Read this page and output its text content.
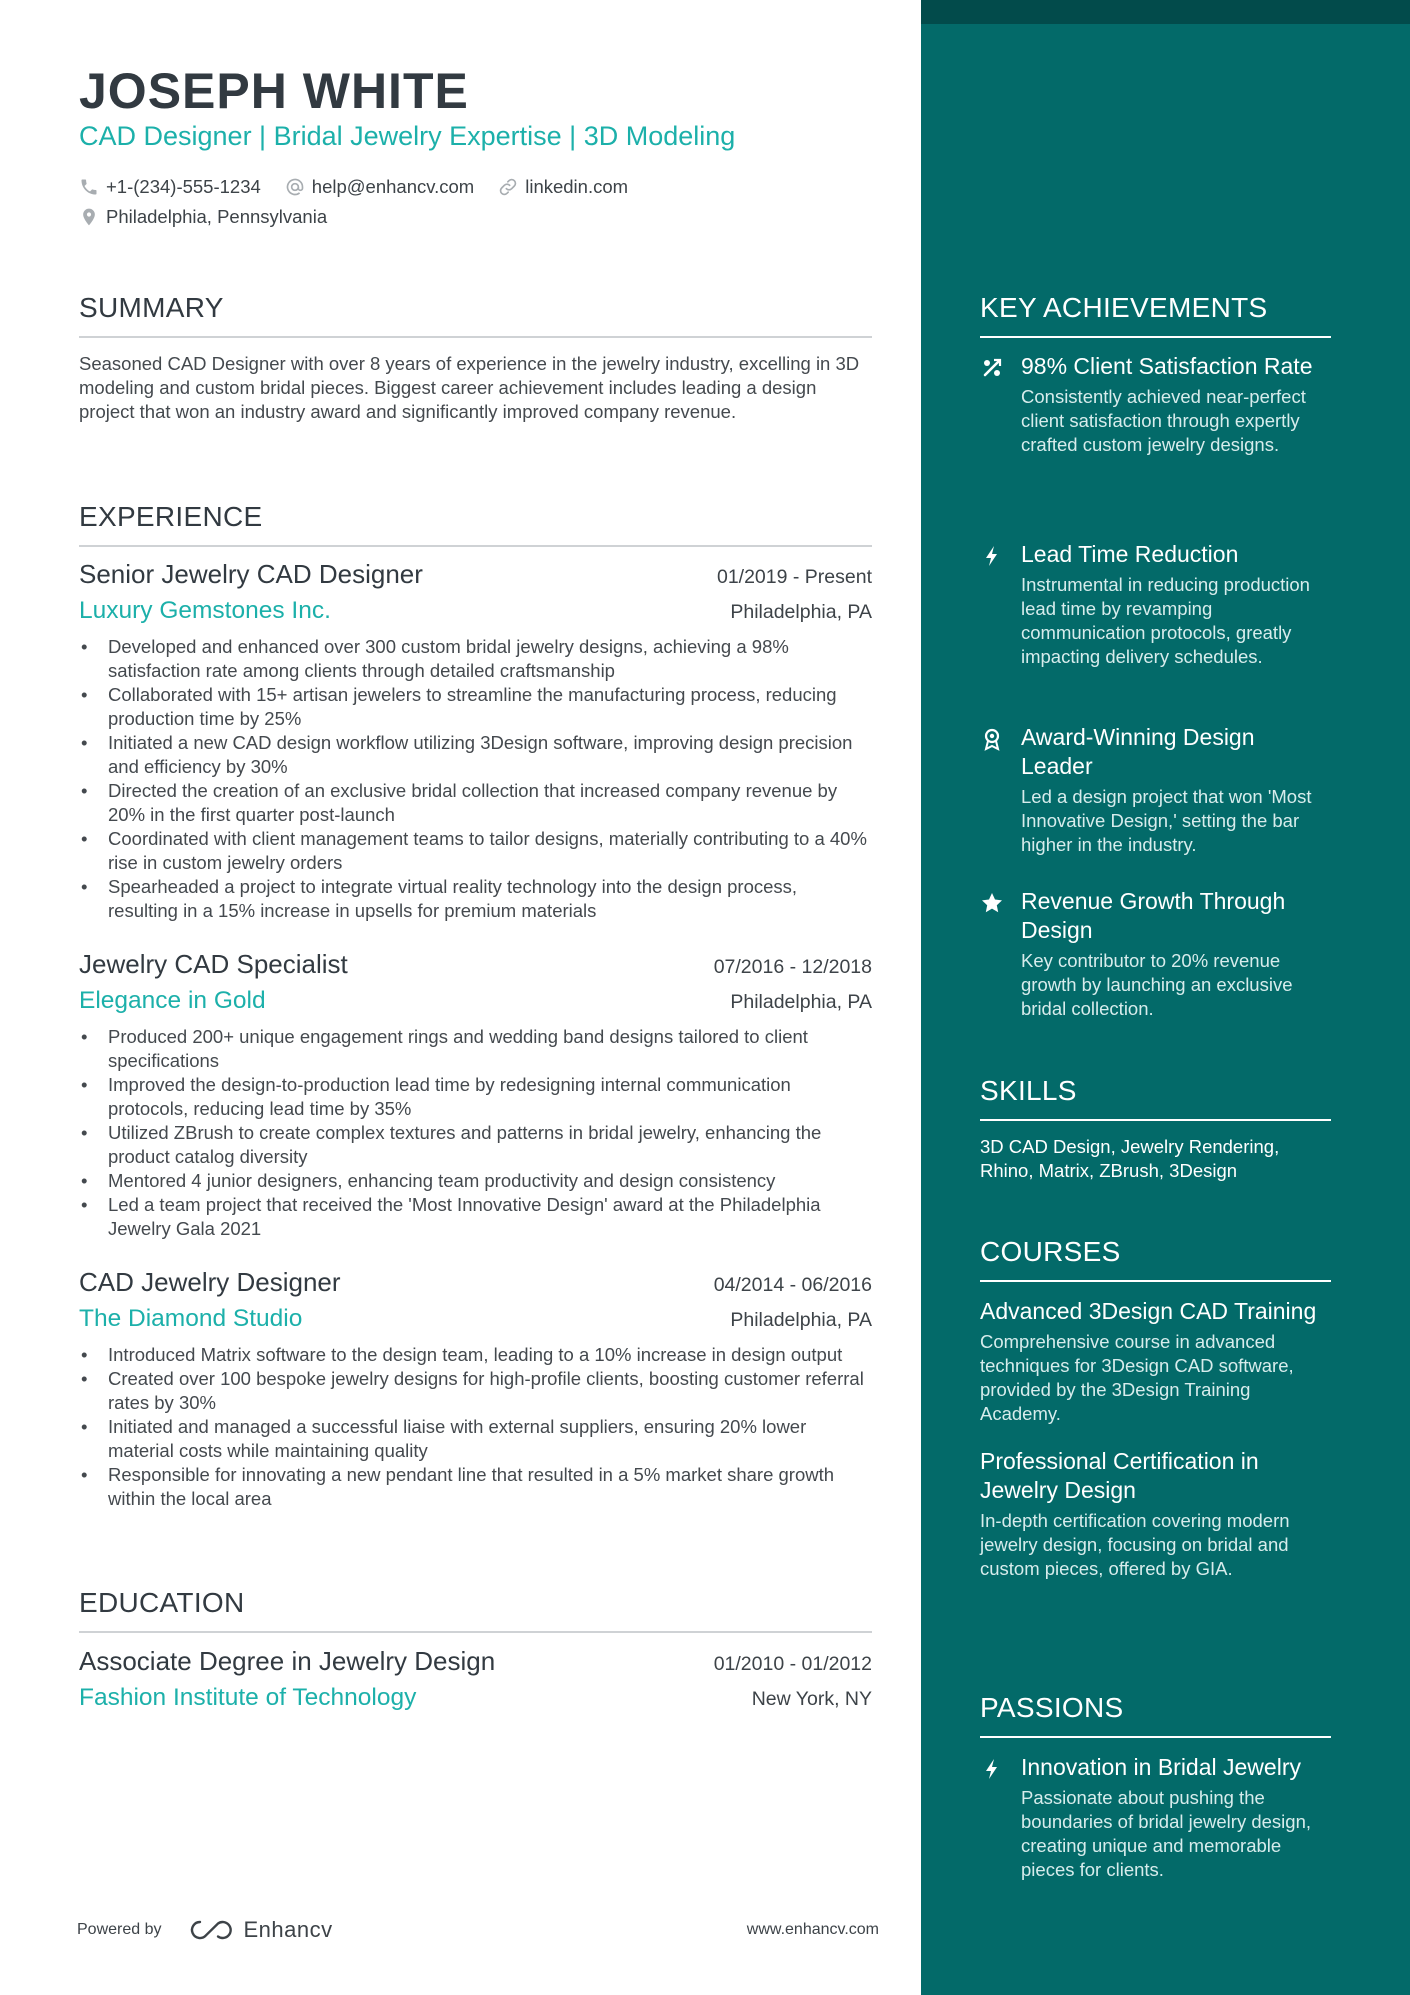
JOSEPH WHITE
CAD Designer | Bridal Jewelry Expertise | 3D Modeling
+1-(234)-555-1234	help@enhancv.com	linkedin.com
Philadelphia, Pennsylvania
SUMMARY
Seasoned CAD Designer with over 8 years of experience in the jewelry industry, excelling in 3D modeling and custom bridal pieces. Biggest career achievement includes leading a design project that won an industry award and significantly improved company revenue.
EXPERIENCE
Senior Jewelry CAD Designer	01/2019 - Present
Luxury Gemstones Inc.	Philadelphia, PA
• Developed and enhanced over 300 custom bridal jewelry designs, achieving a 98% satisfaction rate among clients through detailed craftsmanship
• Collaborated with 15+ artisan jewelers to streamline the manufacturing process, reducing production time by 25%
• Initiated a new CAD design workflow utilizing 3Design software, improving design precision and efficiency by 30%
• Directed the creation of an exclusive bridal collection that increased company revenue by 20% in the first quarter post-launch
• Coordinated with client management teams to tailor designs, materially contributing to a 40% rise in custom jewelry orders
• Spearheaded a project to integrate virtual reality technology into the design process, resulting in a 15% increase in upsells for premium materials
Jewelry CAD Specialist	07/2016 - 12/2018
Elegance in Gold	Philadelphia, PA
• Produced 200+ unique engagement rings and wedding band designs tailored to client specifications
• Improved the design-to-production lead time by redesigning internal communication protocols, reducing lead time by 35%
• Utilized ZBrush to create complex textures and patterns in bridal jewelry, enhancing the product catalog diversity
• Mentored 4 junior designers, enhancing team productivity and design consistency
• Led a team project that received the 'Most Innovative Design' award at the Philadelphia Jewelry Gala 2021
CAD Jewelry Designer	04/2014 - 06/2016
The Diamond Studio	Philadelphia, PA
• Introduced Matrix software to the design team, leading to a 10% increase in design output
• Created over 100 bespoke jewelry designs for high-profile clients, boosting customer referral rates by 30%
• Initiated and managed a successful liaise with external suppliers, ensuring 20% lower material costs while maintaining quality
• Responsible for innovating a new pendant line that resulted in a 5% market share growth within the local area
EDUCATION
Associate Degree in Jewelry Design	01/2010 - 01/2012
Fashion Institute of Technology	New York, NY
Powered by	Enhancv	www.enhancv.com
KEY ACHIEVEMENTS
98% Client Satisfaction Rate
Consistently achieved near-perfect client satisfaction through expertly crafted custom jewelry designs.
Lead Time Reduction
Instrumental in reducing production lead time by revamping communication protocols, greatly impacting delivery schedules.
Award-Winning Design Leader
Led a design project that won 'Most Innovative Design,' setting the bar higher in the industry.
Revenue Growth Through Design
Key contributor to 20% revenue growth by launching an exclusive bridal collection.
SKILLS
3D CAD Design, Jewelry Rendering, Rhino, Matrix, ZBrush, 3Design
COURSES
Advanced 3Design CAD Training
Comprehensive course in advanced techniques for 3Design CAD software, provided by the 3Design Training Academy.
Professional Certification in Jewelry Design
In-depth certification covering modern jewelry design, focusing on bridal and custom pieces, offered by GIA.
PASSIONS
Innovation in Bridal Jewelry
Passionate about pushing the boundaries of bridal jewelry design, creating unique and memorable pieces for clients.
